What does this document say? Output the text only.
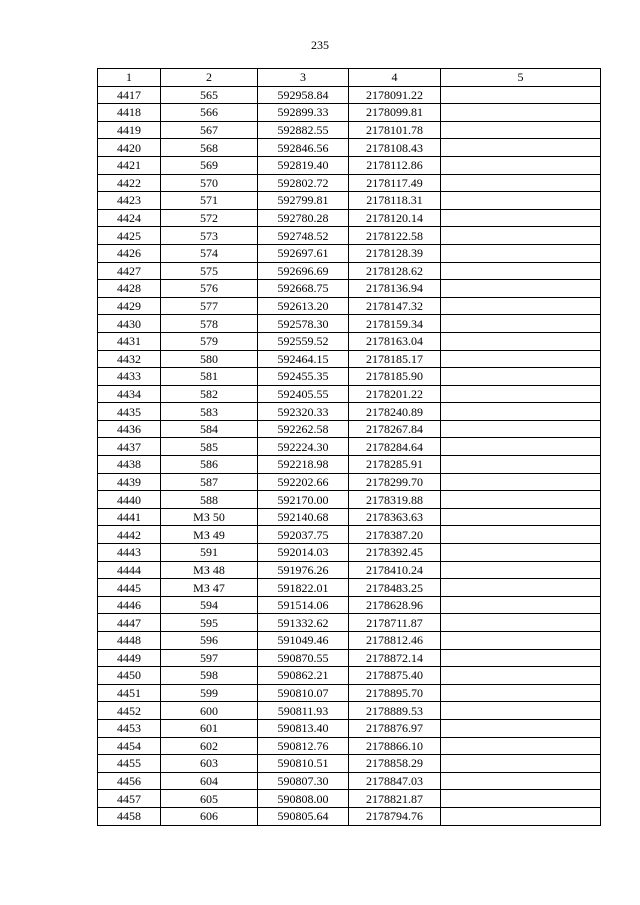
235
1	2	3	4	5
4417	565	592958.84	2178091.22	
4418	566	592899.33	2178099.81	
4419	567	592882.55	2178101.78	
4420	568	592846.56	2178108.43	
4421	569	592819.40	2178112.86	
4422	570	592802.72	2178117.49	
4423	571	592799.81	2178118.31	
4424	572	592780.28	2178120.14	
4425	573	592748.52	2178122.58	
4426	574	592697.61	2178128.39	
4427	575	592696.69	2178128.62	
4428	576	592668.75	2178136.94	
4429	577	592613.20	2178147.32	
4430	578	592578.30	2178159.34	
4431	579	592559.52	2178163.04	
4432	580	592464.15	2178185.17	
4433	581	592455.35	2178185.90	
4434	582	592405.55	2178201.22	
4435	583	592320.33	2178240.89	
4436	584	592262.58	2178267.84	
4437	585	592224.30	2178284.64	
4438	586	592218.98	2178285.91	
4439	587	592202.66	2178299.70	
4440	588	592170.00	2178319.88	
4441	МЗ 50	592140.68	2178363.63	
4442	МЗ 49	592037.75	2178387.20	
4443	591	592014.03	2178392.45	
4444	МЗ 48	591976.26	2178410.24	
4445	МЗ 47	591822.01	2178483.25	
4446	594	591514.06	2178628.96	
4447	595	591332.62	2178711.87	
4448	596	591049.46	2178812.46	
4449	597	590870.55	2178872.14	
4450	598	590862.21	2178875.40	
4451	599	590810.07	2178895.70	
4452	600	590811.93	2178889.53	
4453	601	590813.40	2178876.97	
4454	602	590812.76	2178866.10	
4455	603	590810.51	2178858.29	
4456	604	590807.30	2178847.03	
4457	605	590808.00	2178821.87	
4458	606	590805.64	2178794.76	
